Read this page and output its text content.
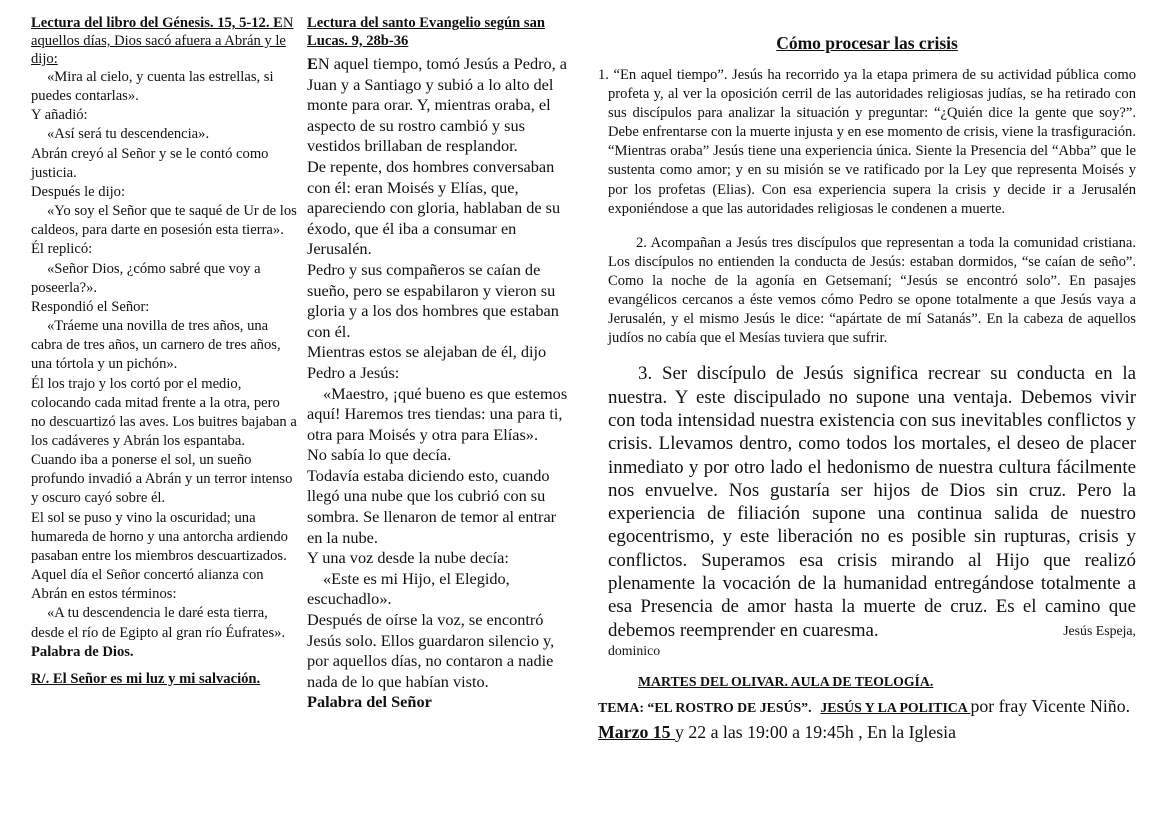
Lectura del libro del Génesis. 15, 5-12. EN aquellos días, Dios sacó afuera a Abrán y le dijo:

«Mira al cielo, y cuenta las estrellas, si puedes contarlas».

Y añadió:

«Así será tu descendencia».

Abrán creyó al Señor y se le contó como justicia.

Después le dijo:

«Yo soy el Señor que te saqué de Ur de los caldeos, para darte en posesión esta tierra».

Él replicó:

«Señor Dios, ¿cómo sabré que voy a poseerla?».

Respondió el Señor:

«Tráeme una novilla de tres años, una cabra de tres años, un carnero de tres años, una tórtola y un pichón».

Él los trajo y los cortó por el medio, colocando cada mitad frente a la otra, pero no descuartizó las aves. Los buitres bajaban a los cadáveres y Abrán los espantaba.

Cuando iba a ponerse el sol, un sueño profundo invadió a Abrán y un terror intenso y oscuro cayó sobre él.

El sol se puso y vino la oscuridad; una humareda de horno y una antorcha ardiendo pasaban entre los miembros descuartizados.

Aquel día el Señor concertó alianza con Abrán en estos términos:

«A tu descendencia le daré esta tierra, desde el río de Egipto al gran río Éufrates». Palabra de Dios.

R/. El Señor es mi luz y mi salvación.

Lectura del santo Evangelio según san Lucas. 9, 28b-36

EN aquel tiempo, tomó Jesús a Pedro, a Juan y a Santiago y subió a lo alto del monte para orar. Y, mientras oraba, el aspecto de su rostro cambió y sus vestidos brillaban de resplandor.

De repente, dos hombres conversaban con él: eran Moisés y Elías, que, apareciendo con gloria, hablaban de su éxodo, que él iba a consumar en Jerusalén.

Pedro y sus compañeros se caían de sueño, pero se espabilaron y vieron su gloria y a los dos hombres que estaban con él.

Mientras estos se alejaban de él, dijo Pedro a Jesús:

«Maestro, ¡qué bueno es que estemos aquí! Haremos tres tiendas: una para ti, otra para Moisés y otra para Elías».

No sabía lo que decía.

Todavía estaba diciendo esto, cuando llegó una nube que los cubrió con su sombra. Se llenaron de temor al entrar en la nube.

Y una voz desde la nube decía:

«Este es mi Hijo, el Elegido, escuchadlo».

Después de oírse la voz, se encontró Jesús solo. Ellos guardaron silencio y, por aquellos días, no contaron a nadie nada de lo que habían visto.

Palabra del Señor

Cómo procesar las crisis

1. “En aquel tiempo”. Jesús ha recorrido ya la etapa primera de su actividad pública como profeta y, al ver la oposición cerril de las autoridades religiosas judías, se ha retirado con sus discípulos para analizar la situación y preguntar: “¿Quién dice la gente que soy?”. Debe enfrentarse con la muerte injusta y en ese momento de crisis, viene la trasfiguración. “Mientras oraba” Jesús tiene una experiencia única. Siente la Presencia del “Abba” que le sustenta como amor; y en su misión se ve ratificado por la Ley que representa Moisés y por los profetas (Elias). Con esa experiencia supera la crisis y decide ir a Jerusalén exponiéndose a que las autoridades religiosas le condenen a muerte.

2. Acompañan a Jesús tres discípulos que representan a toda la comunidad cristiana. Los discípulos no entienden la conducta de Jesús: estaban dormidos, “se caían de seño”. Como la noche de la agonía en Getsemaní; “Jesús se encontró solo”. En pasajes evangélicos cercanos a éste vemos cómo Pedro se opone totalmente a que Jesús vaya a Jerusalén, y el mismo Jesús le dice: “apártate de mí Satanás”. En la cabeza de aquellos judíos no cabía que el Mesías tuviera que sufrir.

3. Ser discípulo de Jesús significa recrear su conducta en la nuestra. Y este discipulado no supone una ventaja. Debemos vivir con toda intensidad nuestra existencia con sus inevitables conflictos y crisis. Llevamos dentro, como todos los mortales, el deseo de placer inmediato y por otro lado el hedonismo de nuestra cultura fácilmente nos envuelve. Nos gustaría ser hijos de Dios sin cruz. Pero la experiencia de filiación supone una continua salida de nuestro egocentrismo, y este liberación no es posible sin rupturas, crisis y conflictos. Superamos esa crisis mirando al Hijo que realizó plenamente la vocación de la humanidad entregándose totalmente a esa Presencia de amor hasta la muerte de cruz. Es el camino que debemos reemprender en cuaresma.	Jesús Espeja,

dominico
MARTES DEL OLIVAR. AULA DE TEOLOGÍA.
TEMA: “EL ROSTRO DE JESÚS”. JESÚS Y LA POLITICA por fray Vicente Niño. Marzo 15 y 22 a las 19:00 a 19:45h , En la Iglesia
